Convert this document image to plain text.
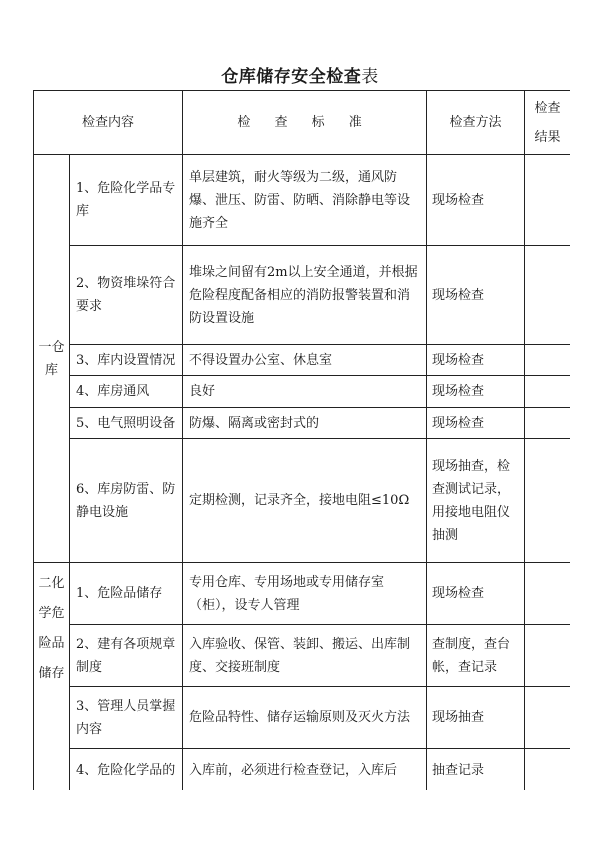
仓库储存安全检查表
检查内容		检 查 标 准	检查方法	检查
结果

一仓库	1、危险化学品专库	单层建筑，耐火等级为二级，通风防爆、泄压、防雷、防晒、消除静电等设施齐全	现场检查	
	2、物资堆垛符合要求	堆垛之间留有2m以上安全通道，并根据危险程度配备相应的消防报警装置和消防设置设施	现场检查	
	3、库内设置情况	不得设置办公室、休息室	现场检查	
	4、库房通风	良好	现场检查	
	5、电气照明设备	防爆、隔离或密封式的	现场检查	
	6、库房防雷、防静电设施	定期检测，记录齐全，接地电阻≤10Ω	现场抽查，检查测试记录，用接地电阻仪抽测	
二化学危险品储存	1、危险品储存	专用仓库、专用场地或专用储存室（柜），设专人管理	现场检查	
	2、建有各项规章制度	入库验收、保管、装卸、搬运、出库制度、交接班制度	查制度，查台帐，查记录	
	3、管理人员掌握内容	危险品特性、储存运输原则及灭火方法	现场抽查	
	4、危险化学品的	入库前，必须进行检查登记，入库后	抽查记录	
